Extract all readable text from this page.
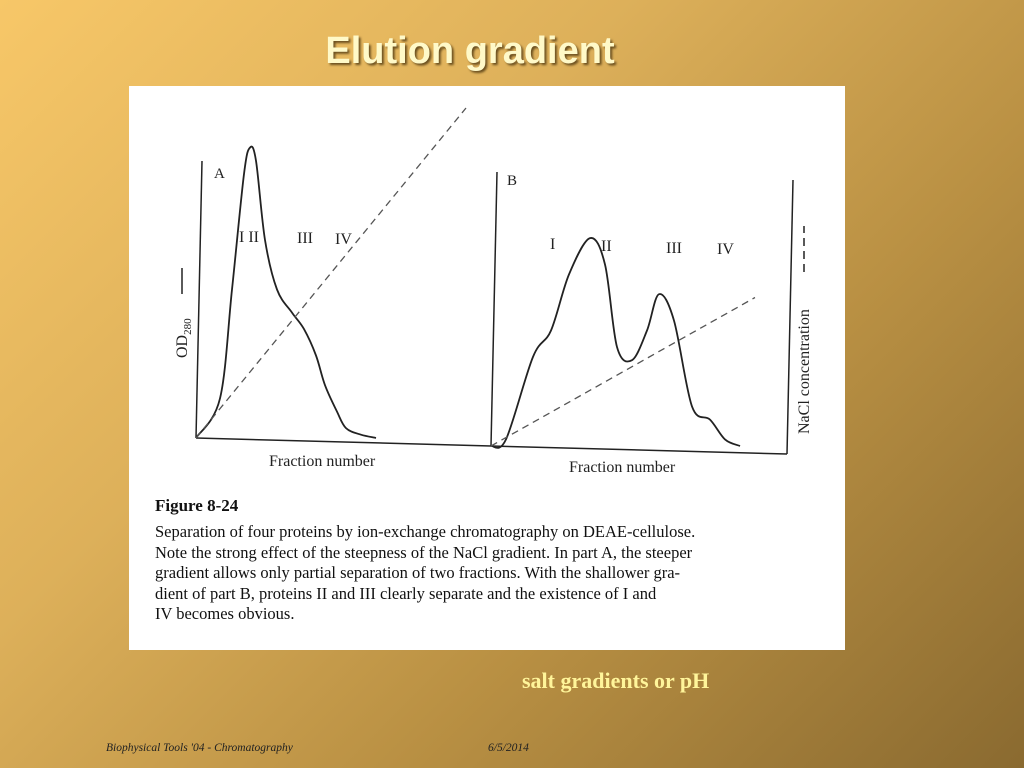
Elution gradient
A
Fraction number
$OD_{280}$
I II III IV
B
Fraction number
NaCl concentration
I	II	III IV
Figure 8-24
Separation of four proteins by ion-exchange chromatography on DEAE-cellulose.
Note the strong effect of the steepness of the NaCl gradient. In part A, the steeper
gradient allows only partial separation of two fractions. With the shallower gra-
dient of part B, proteins II and III clearly separate and the existence of I and
IV becomes obvious.
salt gradients or pH
Biophysical Tools '04 - Chromatography	6/5/2014
